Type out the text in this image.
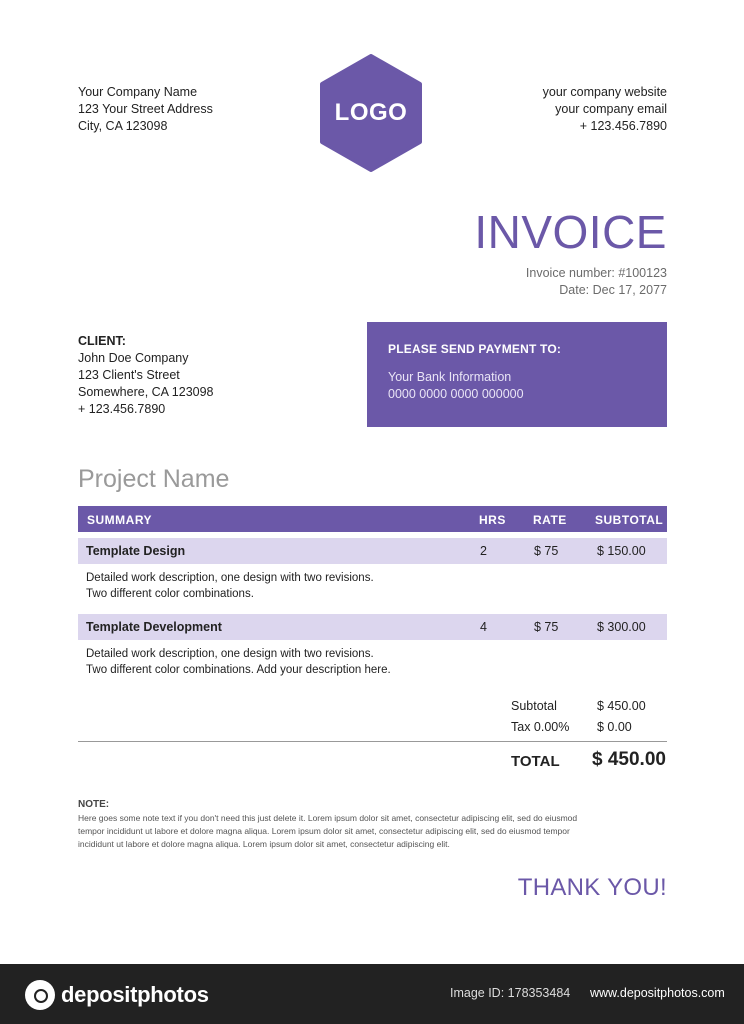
Your Company Name
123 Your Street Address
City, CA 123098	LOGO
your company website
your company email
+ 123.456.7890
INVOICE
Invoice number: #100123
Date: Dec 17, 2077
CLIENT:
John Doe Company
123 Client's Street
Somewhere, CA 123098
+ 123.456.7890
PLEASE SEND PAYMENT TO:
Your Bank Information
0000 0000 0000 000000
Project Name
SUMMARY	HRS RATE SUBTOTAL
Template Design	2	$ 75	$ 150.00
Detailed work description, one design with two revisions.
Two different color combinations.
Template Development	4	$ 75	$ 300.00
Detailed work description, one design with two revisions.
Two different color combinations. Add your description here.
Subtotal	$ 450.00
Tax 0.00% $ 0.00
TOTAL $ 450.00
NOTE:
Here goes some note text if you don't need this just delete it. Lorem ipsum dolor sit amet, consectetur adipiscing elit, sed do eiusmod
tempor incididunt ut labore et dolore magna aliqua. Lorem ipsum dolor sit amet, consectetur adipiscing elit, sed do eiusmod tempor
incididunt ut labore et dolore magna aliqua. Lorem ipsum dolor sit amet, consectetur adipiscing elit.
THANK YOU!
depositphotos	Image ID: 178353484 www.depositphotos.com
